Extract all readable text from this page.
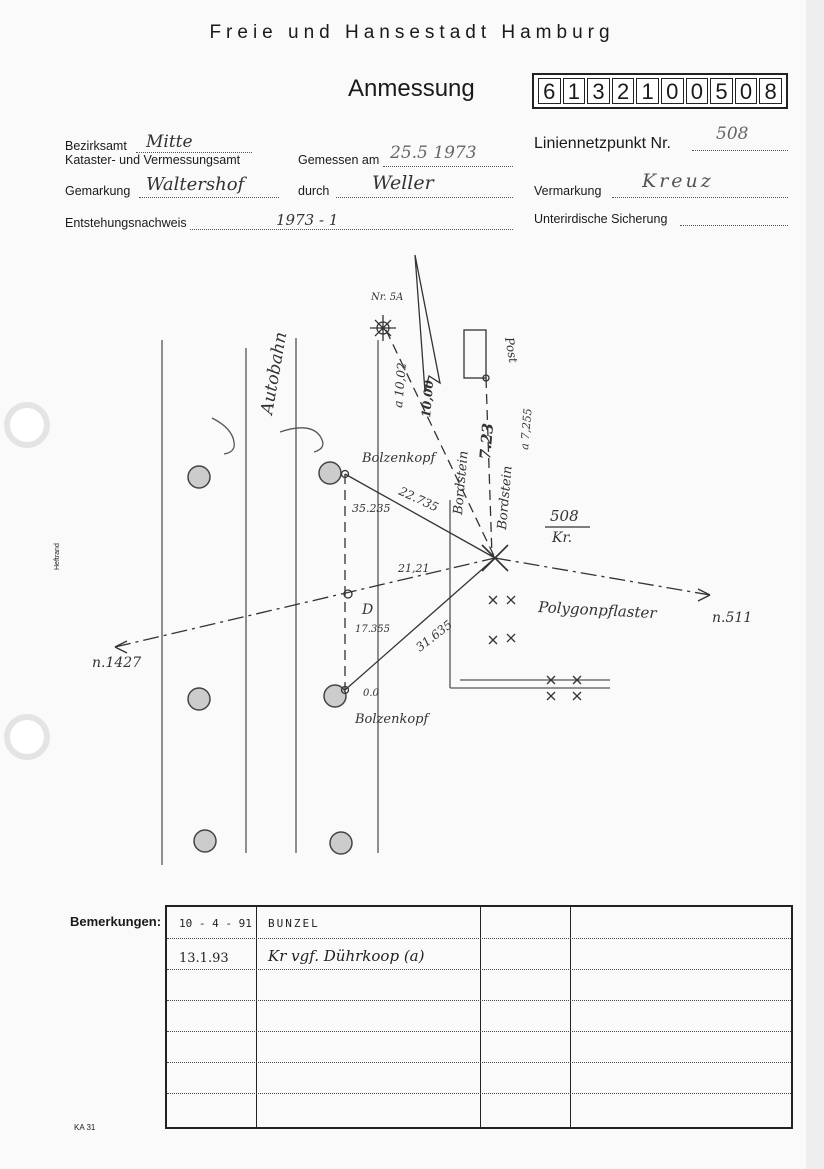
Heftrand
Freie und Hansestadt Hamburg
Anmessung	6 1 3 2 1 0 0 5 0 8
Bezirksamt Mitte
Kataster- und Vermessungsamt	Gemessen am 25.5 1973	Liniennetzpunkt Nr.	508
Gemarkung Waltershof	durch Weller	Vermarkung Kreuz
Entstehungsnachweis	1973 - 1	Unterirdische Sicherung
Nr. 5A
a 10,02 10,00
Post
Autobahn
Bolzenkopf
Bolzenkopf
Bordstein Bordstein
7.23 a 7,255
22.735
35.235
21,21
D
17.355 31.635
0.0
508
Kr.
Polygonpflaster	n.511
n.1427
Bemerkungen: 10 - 4 - 91 BUNZEL
13.1.93	Kr vgf. Dührkoop (a)
KA 31
